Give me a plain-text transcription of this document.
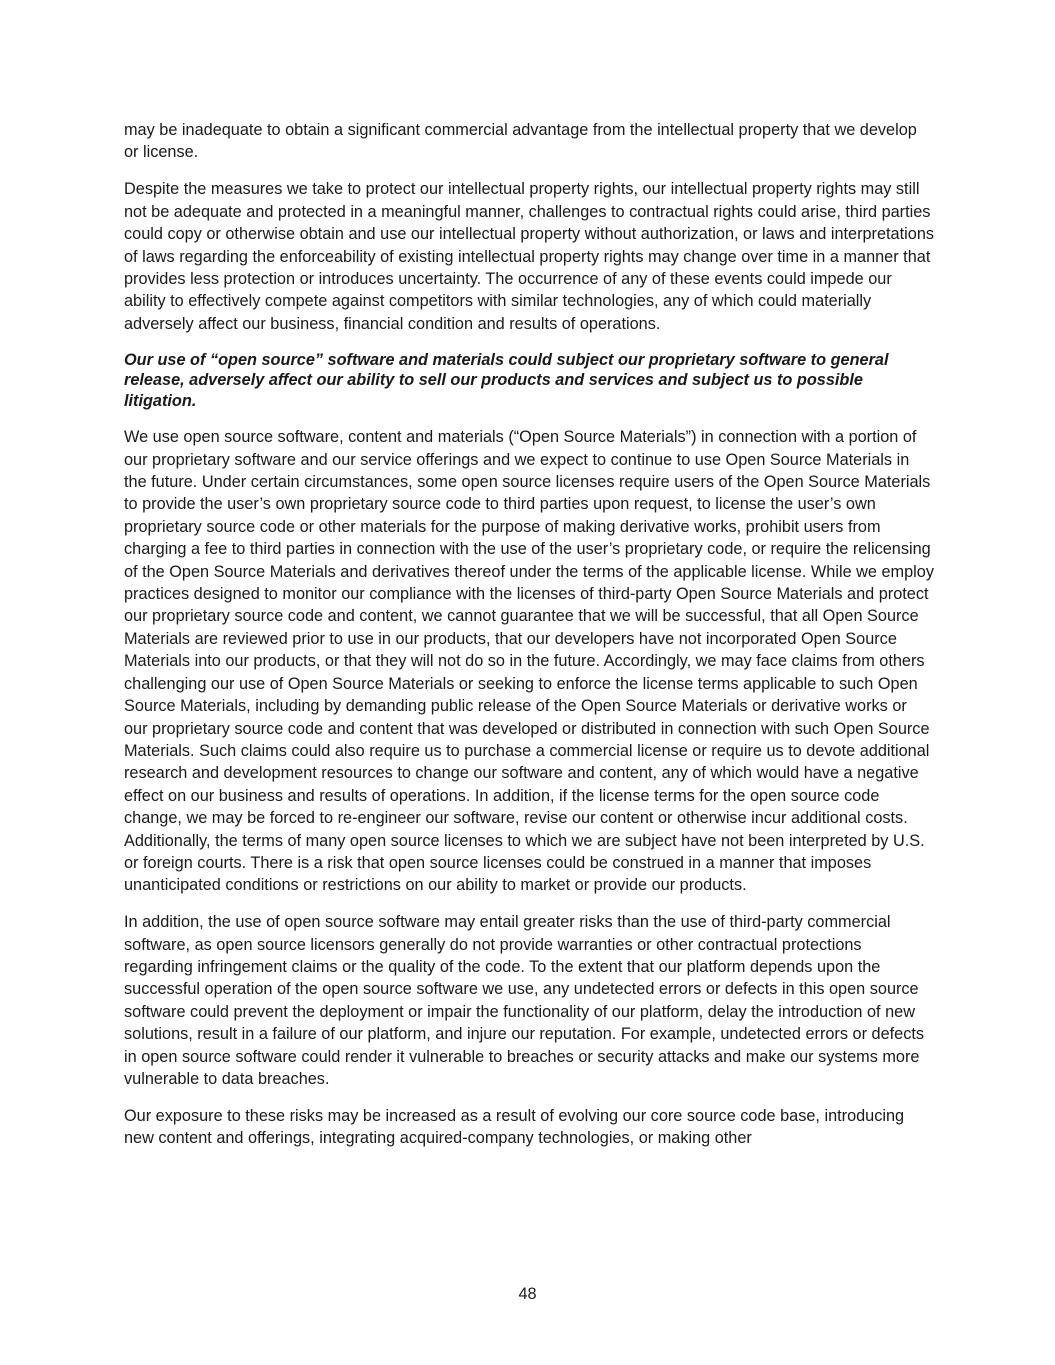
may be inadequate to obtain a significant commercial advantage from the intellectual property that we develop or license.

Despite the measures we take to protect our intellectual property rights, our intellectual property rights may still not be adequate and protected in a meaningful manner, challenges to contractual rights could arise, third parties could copy or otherwise obtain and use our intellectual property without authorization, or laws and interpretations of laws regarding the enforceability of existing intellectual property rights may change over time in a manner that provides less protection or introduces uncertainty. The occurrence of any of these events could impede our ability to effectively compete against competitors with similar technologies, any of which could materially adversely affect our business, financial condition and results of operations.

Our use of “open source” software and materials could subject our proprietary software to general release, adversely affect our ability to sell our products and services and subject us to possible litigation.

We use open source software, content and materials (“Open Source Materials”) in connection with a portion of our proprietary software and our service offerings and we expect to continue to use Open Source Materials in the future. Under certain circumstances, some open source licenses require users of the Open Source Materials to provide the user’s own proprietary source code to third parties upon request, to license the user’s own proprietary source code or other materials for the purpose of making derivative works, prohibit users from charging a fee to third parties in connection with the use of the user’s proprietary code, or require the relicensing of the Open Source Materials and derivatives thereof under the terms of the applicable license. While we employ practices designed to monitor our compliance with the licenses of third-party Open Source Materials and protect our proprietary source code and content, we cannot guarantee that we will be successful, that all Open Source Materials are reviewed prior to use in our products, that our developers have not incorporated Open Source Materials into our products, or that they will not do so in the future. Accordingly, we may face claims from others challenging our use of Open Source Materials or seeking to enforce the license terms applicable to such Open Source Materials, including by demanding public release of the Open Source Materials or derivative works or our proprietary source code and content that was developed or distributed in connection with such Open Source Materials. Such claims could also require us to purchase a commercial license or require us to devote additional research and development resources to change our software and content, any of which would have a negative effect on our business and results of operations. In addition, if the license terms for the open source code change, we may be forced to re-engineer our software, revise our content or otherwise incur additional costs. Additionally, the terms of many open source licenses to which we are subject have not been interpreted by U.S. or foreign courts. There is a risk that open source licenses could be construed in a manner that imposes unanticipated conditions or restrictions on our ability to market or provide our products.

In addition, the use of open source software may entail greater risks than the use of third-party commercial software, as open source licensors generally do not provide warranties or other contractual protections regarding infringement claims or the quality of the code. To the extent that our platform depends upon the successful operation of the open source software we use, any undetected errors or defects in this open source software could prevent the deployment or impair the functionality of our platform, delay the introduction of new solutions, result in a failure of our platform, and injure our reputation. For example, undetected errors or defects in open source software could render it vulnerable to breaches or security attacks and make our systems more vulnerable to data breaches.

Our exposure to these risks may be increased as a result of evolving our core source code base, introducing new content and offerings, integrating acquired-company technologies, or making other

48
